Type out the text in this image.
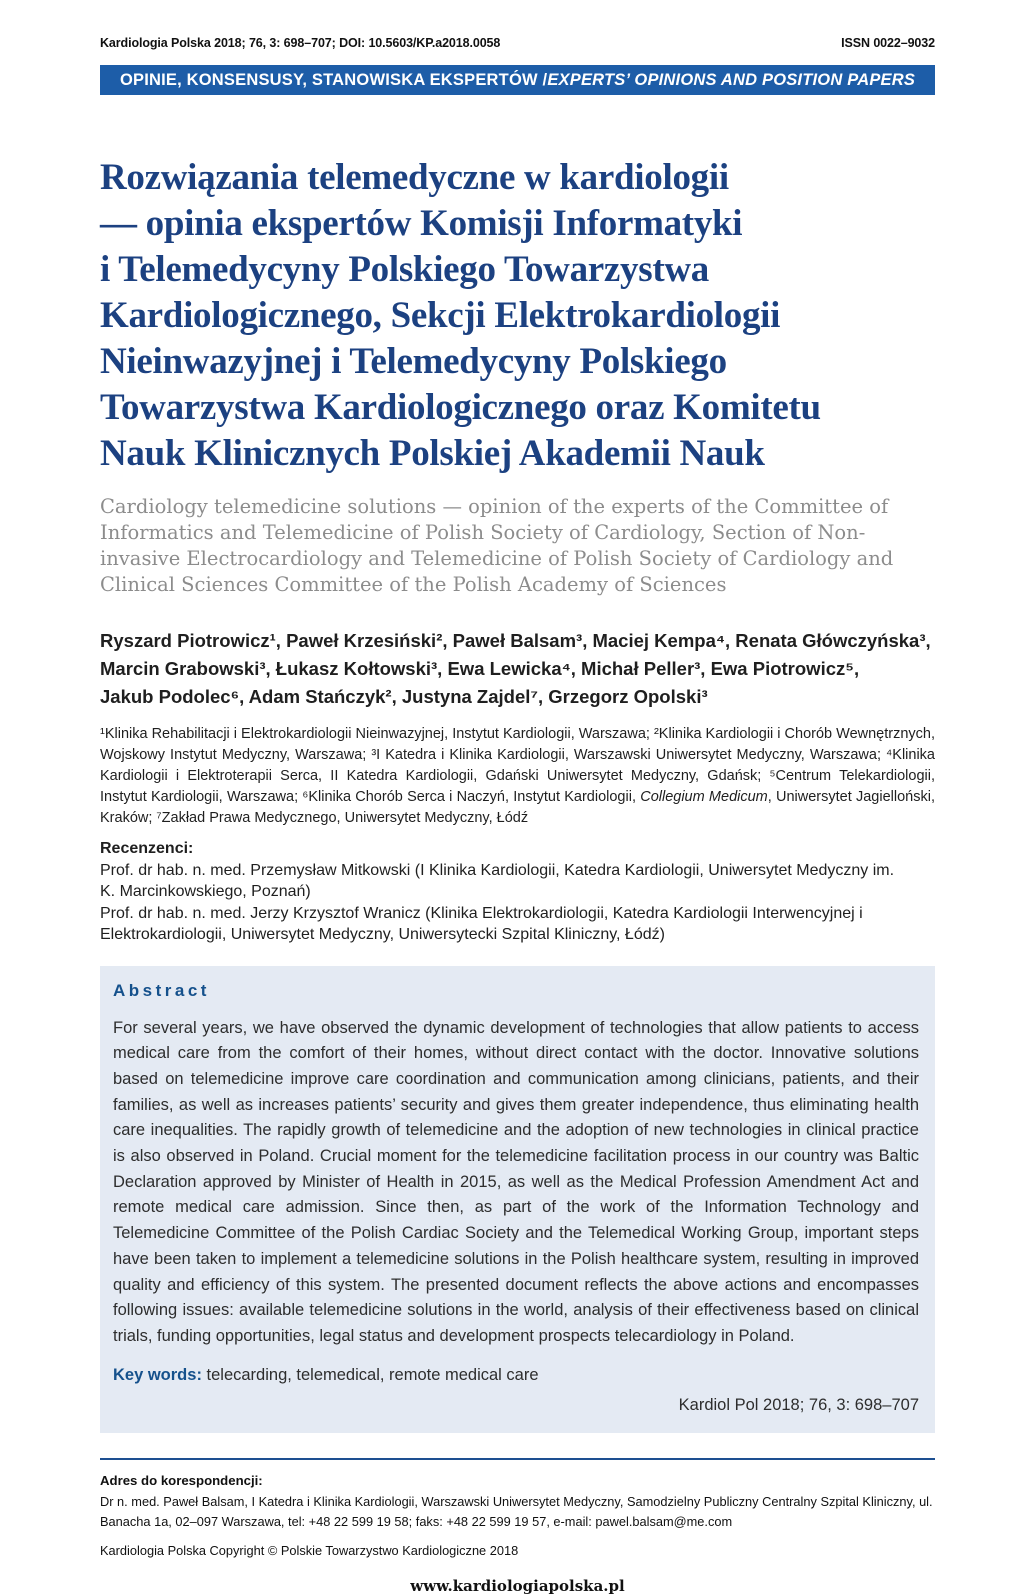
Kardiologia Polska 2018; 76, 3: 698–707; DOI: 10.5603/KP.a2018.0058	ISSN 0022–9032
OPINIE, KONSENSUSY, STANOWISKA EKSPERTÓW / EXPERTS’ OPINIONS AND POSITION PAPERS
Rozwiązania telemedyczne w kardiologii
— opinia ekspertów Komisji Informatyki
i Telemedycyny Polskiego Towarzystwa
Kardiologicznego, Sekcji Elektrokardiologii
Nieinwazyjnej i Telemedycyny Polskiego
Towarzystwa Kardiologicznego oraz Komitetu
Nauk Klinicznych Polskiej Akademii Nauk
Cardiology telemedicine solutions — opinion of the experts of the Committee of Informatics and Telemedicine of Polish Society of Cardiology, Section of Non-invasive Electrocardiology and Telemedicine of Polish Society of Cardiology and Clinical Sciences Committee of the Polish Academy of Sciences
Ryszard Piotrowicz¹, Paweł Krzesiński², Paweł Balsam³, Maciej Kempa⁴, Renata Główczyńska³,
Marcin Grabowski³, Łukasz Kołtowski³, Ewa Lewicka⁴, Michał Peller³, Ewa Piotrowicz⁵,
Jakub Podolec⁶, Adam Stańczyk², Justyna Zajdel⁷, Grzegorz Opolski³
¹Klinika Rehabilitacji i Elektrokardiologii Nieinwazyjnej, Instytut Kardiologii, Warszawa; ²Klinika Kardiologii i Chorób Wewnętrznych, Wojskowy Instytut Medyczny, Warszawa; ³I Katedra i Klinika Kardiologii, Warszawski Uniwersytet Medyczny, Warszawa; ⁴Klinika Kardiologii i Elektroterapii Serca, II Katedra Kardiologii, Gdański Uniwersytet Medyczny, Gdańsk; ⁵Centrum Telekardiologii, Instytut Kardiologii, Warszawa; ⁶Klinika Chorób Serca i Naczyń, Instytut Kardiologii, Collegium Medicum, Uniwersytet Jagielloński, Kraków; ⁷Zakład Prawa Medycznego, Uniwersytet Medyczny, Łódź
Recenzenci:

Prof. dr hab. n. med. Przemysław Mitkowski (I Klinika Kardiologii, Katedra Kardiologii, Uniwersytet Medyczny im. K. Marcinkowskiego, Poznań)

Prof. dr hab. n. med. Jerzy Krzysztof Wranicz (Klinika Elektrokardiologii, Katedra Kardiologii Interwencyjnej i Elektrokardiologii, Uniwersytet Medyczny, Uniwersytecki Szpital Kliniczny, Łódź)

Abstract
For several years, we have observed the dynamic development of technologies that allow patients to access medical care from the comfort of their homes, without direct contact with the doctor. Innovative solutions based on telemedicine improve care coordination and communication among clinicians, patients, and their families, as well as increases patients’ security and gives them greater independence, thus eliminating health care inequalities. The rapidly growth of telemedicine and the adoption of new technologies in clinical practice is also observed in Poland. Crucial moment for the telemedicine facilitation process in our country was Baltic Declaration approved by Minister of Health in 2015, as well as the Medical Profession Amendment Act and remote medical care admission. Since then, as part of the work of the Information Technology and Telemedicine Committee of the Polish Cardiac Society and the Telemedical Working Group, important steps have been taken to implement a telemedicine solutions in the Polish healthcare system, resulting in improved quality and efficiency of this system. The presented document reflects the above actions and encompasses following issues: available telemedicine solutions in the world, analysis of their effectiveness based on clinical trials, funding opportunities, legal status and development prospects telecardiology in Poland.
Key words: telecarding, telemedical, remote medical care
Kardiol Pol 2018; 76, 3: 698–707
Adres do korespondencji:

Dr n. med. Paweł Balsam, I Katedra i Klinika Kardiologii, Warszawski Uniwersytet Medyczny, Samodzielny Publiczny Centralny Szpital Kliniczny, ul. Banacha 1a, 02–097 Warszawa, tel: +48 22 599 19 58; faks: +48 22 599 19 57, e-mail: pawel.balsam@me.com

Kardiologia Polska Copyright © Polskie Towarzystwo Kardiologiczne 2018

www.kardiologiapolska.pl
